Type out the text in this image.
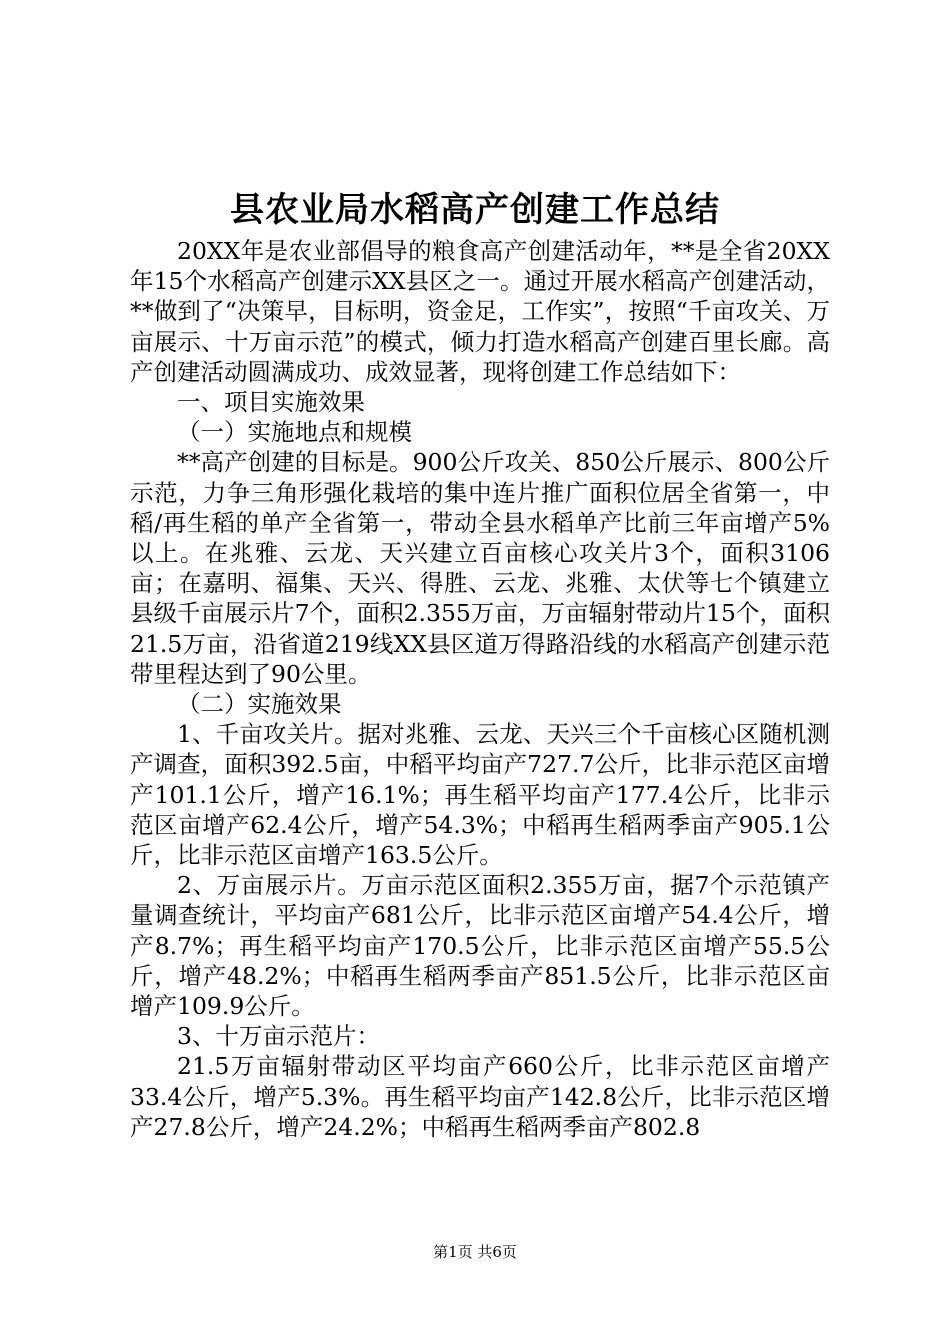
县农业局水稻高产创建工作总结

20XX年是农业部倡导的粮食高产创建活动年，**是全省20XX年15个水稻高产创建示XX县区之一。通过开展水稻高产创建活动，**做到了“决策早，目标明，资金足，工作实”，按照“千亩攻关、万亩展示、十万亩示范”的模式，倾力打造水稻高产创建百里长廊。高产创建活动圆满成功、成效显著，现将创建工作总结如下：

一、项目实施效果

（一）实施地点和规模

**高产创建的目标是。900公斤攻关、850公斤展示、800公斤示范，力争三角形强化栽培的集中连片推广面积位居全省第一，中稻/再生稻的单产全省第一，带动全县水稻单产比前三年亩增产5%以上。在兆雅、云龙、天兴建立百亩核心攻关片3个，面积3106亩；在嘉明、福集、天兴、得胜、云龙、兆雅、太伏等七个镇建立县级千亩展示片7个，面积2.355万亩，万亩辐射带动片15个，面积21.5万亩，沿省道219线XX县区道万得路沿线的水稻高产创建示范带里程达到了90公里。

（二）实施效果

1、千亩攻关片。据对兆雅、云龙、天兴三个千亩核心区随机测产调查，面积392.5亩，中稻平均亩产727.7公斤，比非示范区亩增产101.1公斤，增产16.1%；再生稻平均亩产177.4公斤，比非示范区亩增产62.4公斤，增产54.3%；中稻再生稻两季亩产905.1公斤，比非示范区亩增产163.5公斤。

2、万亩展示片。万亩示范区面积2.355万亩，据7个示范镇产量调查统计，平均亩产681公斤，比非示范区亩增产54.4公斤，增产8.7%；再生稻平均亩产170.5公斤，比非示范区亩增产55.5公斤，增产48.2%；中稻再生稻两季亩产851.5公斤，比非示范区亩增产109.9公斤。

3、十万亩示范片：

21.5万亩辐射带动区平均亩产660公斤，比非示范区亩增产33.4公斤，增产5.3%。再生稻平均亩产142.8公斤，比非示范区增产27.8公斤，增产24.2%；中稻再生稻两季亩产802.8

第1页 共6页
